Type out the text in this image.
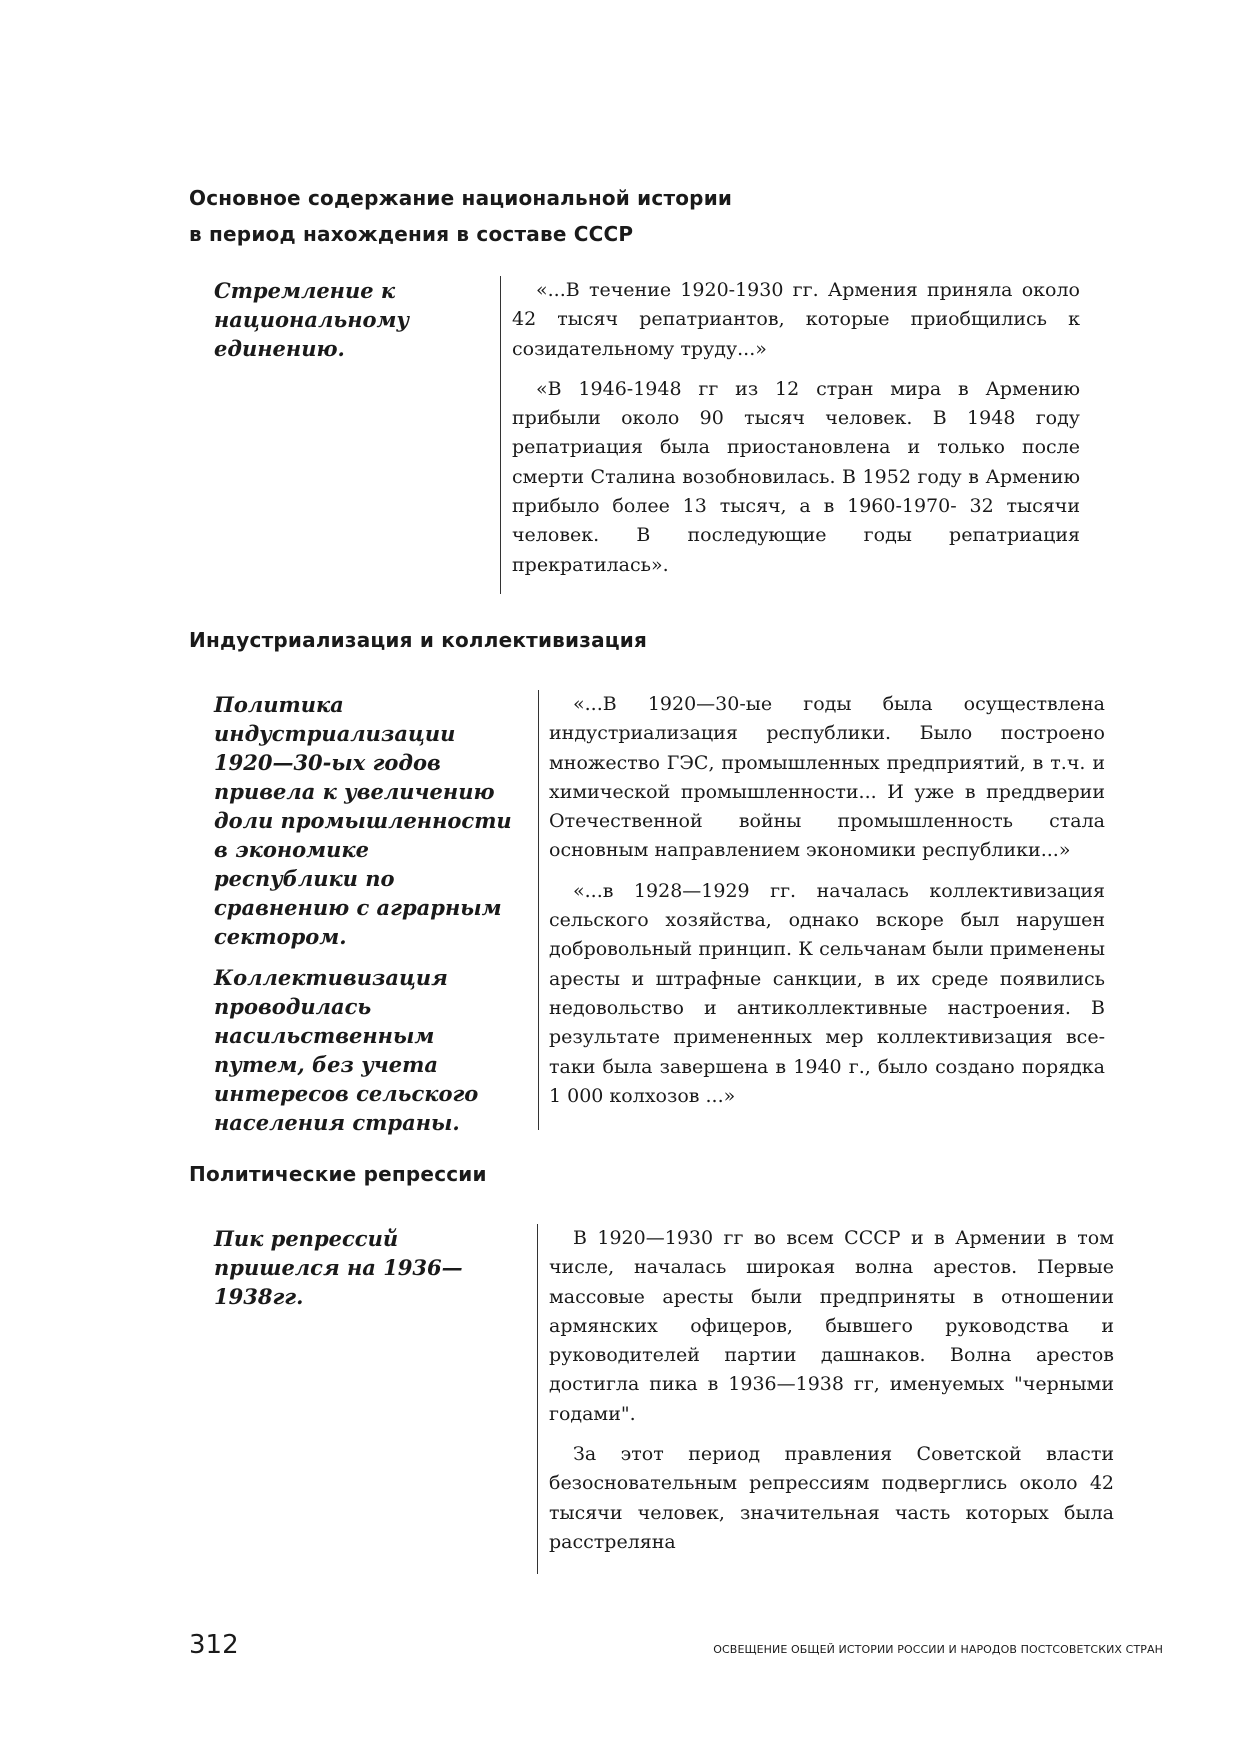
Основное содержание национальной истории
в период нахождения в составе СССР

Стремление к национальному единению.

«...В течение 1920-1930 гг. Армения приняла около 42 тысяч репатриантов, которые приобщились к созидательному труду...»

«В 1946-1948 гг из 12 стран мира в Армению прибыли около 90 тысяч человек. В 1948 году репатриация была приостановлена и только после смерти Сталина возобновилась. В 1952 году в Армению прибыло более 13 тысяч, а в 1960-1970- 32 тысячи человек. В последующие годы репатриация прекратилась».

Индустриализация и коллективизация

Политика индустриализации 1920—30-ых годов привела к увеличению доли промышленности в экономике республики по сравнению с аграрным сектором.

Коллективизация проводилась насильственным путем, без учета интересов сельского населения страны.

«...В 1920—30-ые годы была осуществлена индустриализация республики. Было построено множество ГЭС, промышленных предприятий, в т.ч. и химической промышленности... И уже в преддверии Отечественной войны промышленность стала основным направлением экономики республики...»

«...в 1928—1929 гг. началась коллективизация сельского хозяйства, однако вскоре был нарушен добровольный принцип. К сельчанам были применены аресты и штрафные санкции, в их среде появились недовольство и антиколлективные настроения. В результате примененных мер коллективизация все-таки была завершена в 1940 г., было создано порядка 1 000 колхозов ...»

Политические репрессии

Пик репрессий пришелся на 1936—1938гг.

В 1920—1930 гг во всем СССР и в Армении в том числе, началась широкая волна арестов. Первые массовые аресты были предприняты в отношении армянских офицеров, бывшего руководства и руководителей партии дашнаков. Волна арестов достигла пика в 1936—1938 гг, именуемых "черными годами".

За этот период правления Советской власти безосновательным репрессиям подверглись около 42 тысячи человек, значительная часть которых была расстреляна

312	ОСВЕЩЕНИЕ ОБЩЕЙ ИСТОРИИ РОССИИ И НАРОДОВ ПОСТСОВЕТСКИХ СТРАН
